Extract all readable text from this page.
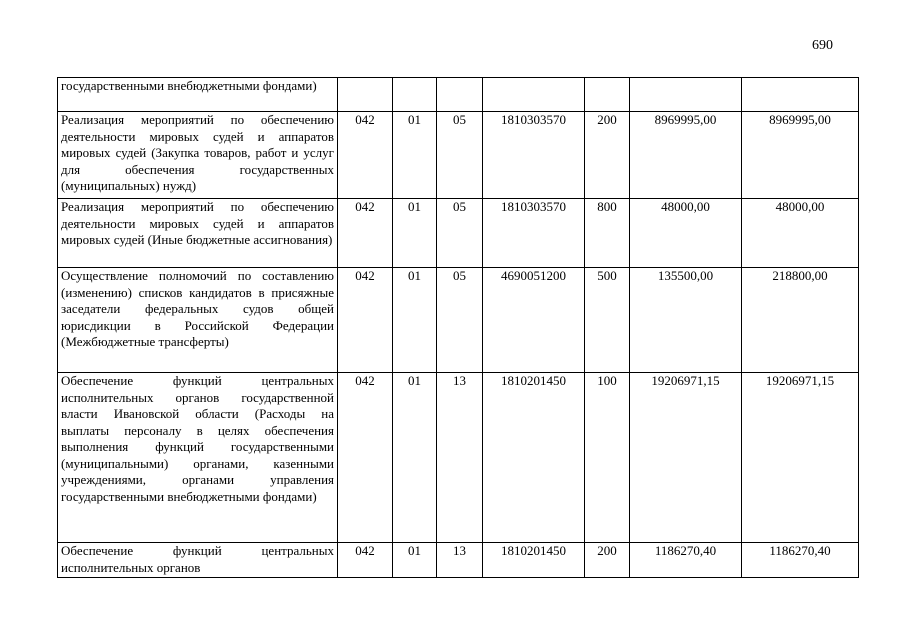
690
государственными внебюджетными фондами)							
Реализация мероприятий по обеспечению деятельности мировых судей и аппаратов мировых судей (Закупка товаров, работ и услуг для обеспечения государственных (муниципальных) нужд)	042	01	05	1810303570	200	8969995,00	8969995,00
Реализация мероприятий по обеспечению деятельности мировых судей и аппаратов мировых судей (Иные бюджетные ассигнования)	042	01	05	1810303570	800	48000,00	48000,00
Осуществление полномочий по составлению (изменению) списков кандидатов в присяжные заседатели федеральных судов общей юрисдикции в Российской Федерации (Межбюджетные трансферты)	042	01	05	4690051200	500	135500,00	218800,00
Обеспечение функций центральных исполнительных органов государственной власти Ивановской области (Расходы на выплаты персоналу в целях обеспечения выполнения функций государственными (муниципальными) органами, казенными учреждениями, органами управления государственными внебюджетными фондами)	042	01	13	1810201450	100	19206971,15	19206971,15
Обеспечение функций центральных исполнительных органов	042	01	13	1810201450	200	1186270,40	1186270,40
